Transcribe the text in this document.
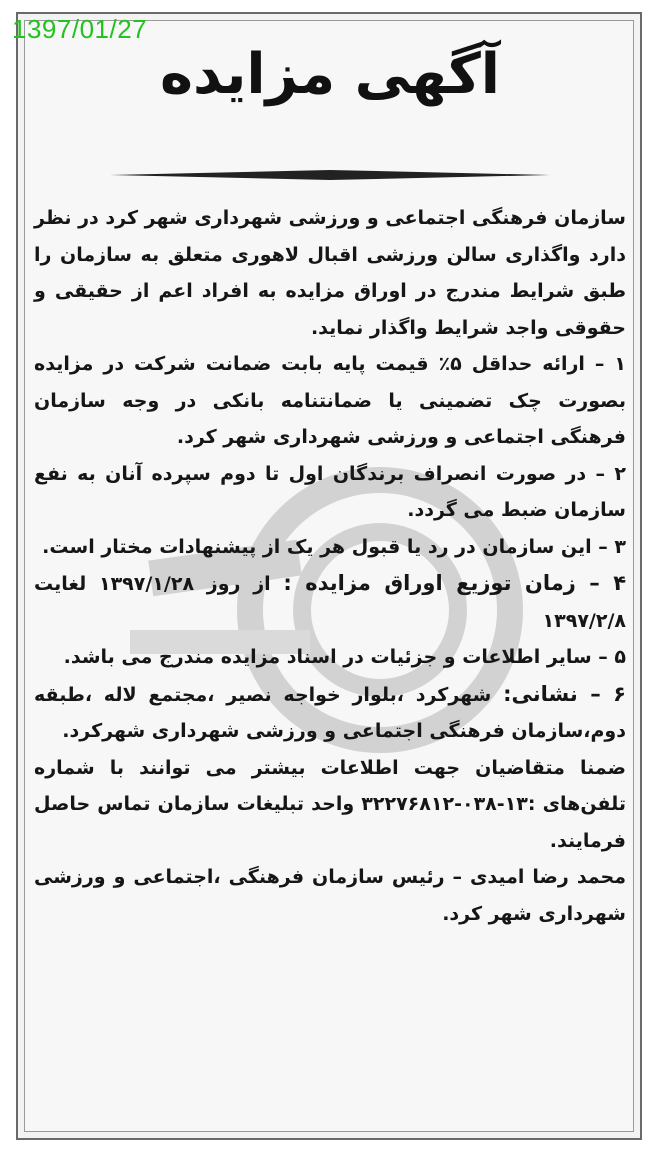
1397/01/27
آگهی مزایده

سازمان فرهنگی اجتماعی و ورزشی شهرداری شهر کرد در نظر دارد واگذاری سالن ورزشی اقبال لاهوری متعلق به سازمان را طبق شرایط مندرج در اوراق مزایده به افراد اعم از حقیقی و حقوقی واجد شرایط واگذار نماید.

۱ – ارائه حداقل ۵٪ قیمت پایه بابت ضمانت شرکت در مزایده بصورت چک تضمینی یا ضمانتنامه بانکی در وجه سازمان فرهنگی اجتماعی و ورزشی شهرداری شهر کرد.

۲ – در صورت انصراف برندگان اول تا دوم سپرده آنان به نفع سازمان ضبط می گردد.

۳ – این سازمان در رد یا قبول هر یک از پیشنهادات مختار است.

۴ – زمان توزیع اوراق مزایده : از روز ۱۳۹۷/۱/۲۸ لغایت ۱۳۹۷/۲/۸

۵ – سایر اطلاعات و جزئیات در اسناد مزایده مندرج می باشد.

۶ – نشانی: شهرکرد ،بلوار خواجه نصیر ،مجتمع لاله ،طبقه دوم،سازمان فرهنگی اجتماعی و ورزشی شهرداری شهرکرد.

ضمنا متقاضیان جهت اطلاعات بیشتر می توانند با شماره تلفن‌های :۱۳-۰۳۸-۳۲۲۷۶۸۱۲ واحد تبلیغات سازمان تماس حاصل فرمایند.

محمد رضا امیدی – رئیس سازمان فرهنگی ،اجتماعی و ورزشی شهرداری شهر کرد.
